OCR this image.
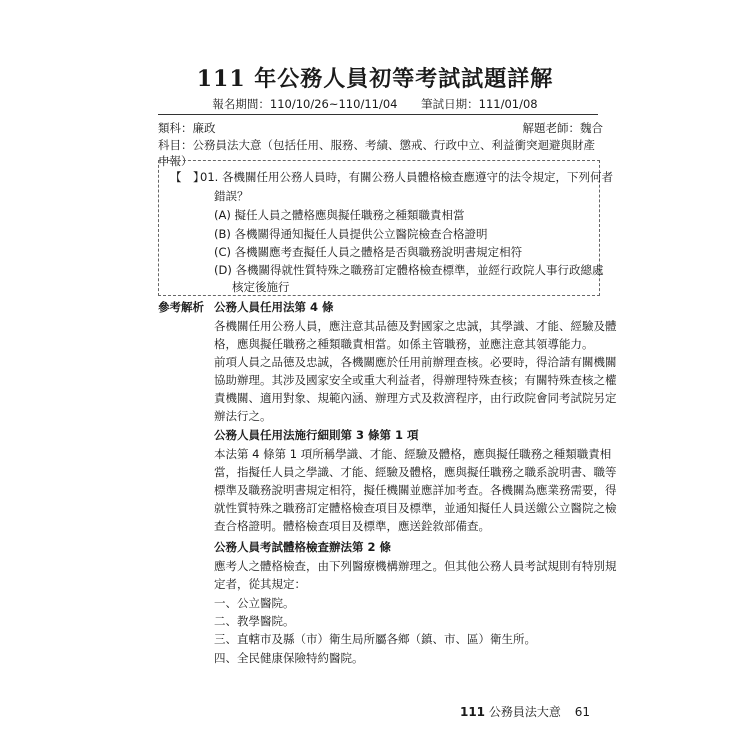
111 年公務人員初等考試試題詳解
報名期間：110/10/26~110/11/04 筆試日期：111/01/08
類科：廉政	解題老師：魏合
科目：公務員法大意（包括任用、服務、考績、懲戒、行政中立、利益衝突迴避與財產申報）
【　】
01. 各機關任用公務人員時，有關公務人員體格檢查應遵守的法令規定，下列何者
錯誤？
(A) 擬任人員之體格應與擬任職務之種類職責相當
(B) 各機關得通知擬任人員提供公立醫院檢查合格證明
(C) 各機關應考查擬任人員之體格是否與職務說明書規定相符
(D) 各機關得就性質特殊之職務訂定體格檢查標準，並經行政院人事行政總處
核定後施行
參考解析 公務人員任用法第 4 條
各機關任用公務人員，應注意其品德及對國家之忠誠，其學識、才能、經驗及體
格，應與擬任職務之種類職責相當。如係主管職務，並應注意其領導能力。
前項人員之品德及忠誠，各機關應於任用前辦理查核。必要時，得洽請有關機關
協助辦理。其涉及國家安全或重大利益者，得辦理特殊查核；有關特殊查核之權
責機關、適用對象、規範內涵、辦理方式及救濟程序，由行政院會同考試院另定
辦法行之。
公務人員任用法施行細則第 3 條第 1 項
本法第 4 條第 1 項所稱學識、才能、經驗及體格，應與擬任職務之種類職責相
當，指擬任人員之學識、才能、經驗及體格，應與擬任職務之職系說明書、職等
標準及職務說明書規定相符，擬任機關並應詳加考查。各機關為應業務需要，得
就性質特殊之職務訂定體格檢查項目及標準，並通知擬任人員送繳公立醫院之檢
查合格證明。體格檢查項目及標準，應送銓敘部備查。
公務人員考試體格檢查辦法第 2 條
應考人之體格檢查，由下列醫療機構辦理之。但其他公務人員考試規則有特別規
定者，從其規定：
一、公立醫院。
二、教學醫院。
三、直轄市及縣（市）衛生局所屬各鄉（鎮、市、區）衛生所。
四、全民健康保險特約醫院。
111 公務員法大意 61
